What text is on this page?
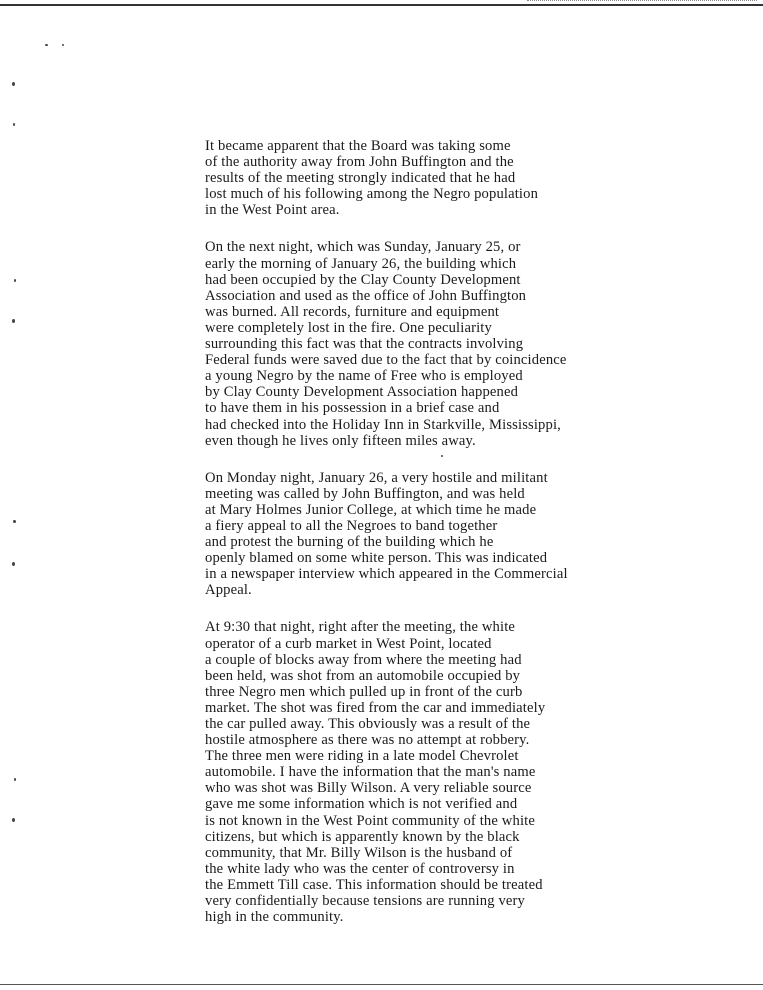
It became apparent that the Board was taking some
of the authority away from John Buffington and the
results of the meeting strongly indicated that he had
lost much of his following among the Negro population
in the West Point area.

On the next night, which was Sunday, January 25, or
early the morning of January 26, the building which
had been occupied by the Clay County Development
Association and used as the office of John Buffington
was burned. All records, furniture and equipment
were completely lost in the fire. One peculiarity
surrounding this fact was that the contracts involving
Federal funds were saved due to the fact that by coincidence
a young Negro by the name of Free who is employed
by Clay County Development Association happened
to have them in his possession in a brief case and
had checked into the Holiday Inn in Starkville, Mississippi,
even though he lives only fifteen miles away.

On Monday night, January 26, a very hostile and militant
meeting was called by John Buffington, and was held
at Mary Holmes Junior College, at which time he made
a fiery appeal to all the Negroes to band together
and protest the burning of the building which he
openly blamed on some white person. This was indicated
in a newspaper interview which appeared in the Commercial
Appeal.

At 9:30 that night, right after the meeting, the white
operator of a curb market in West Point, located
a couple of blocks away from where the meeting had
been held, was shot from an automobile occupied by
three Negro men which pulled up in front of the curb
market. The shot was fired from the car and immediately
the car pulled away. This obviously was a result of the
hostile atmosphere as there was no attempt at robbery.
The three men were riding in a late model Chevrolet
automobile. I have the information that the man's name
who was shot was Billy Wilson. A very reliable source
gave me some information which is not verified and
is not known in the West Point community of the white
citizens, but which is apparently known by the black
community, that Mr. Billy Wilson is the husband of
the white lady who was the center of controversy in
the Emmett Till case. This information should be treated
very confidentially because tensions are running very
high in the community.
